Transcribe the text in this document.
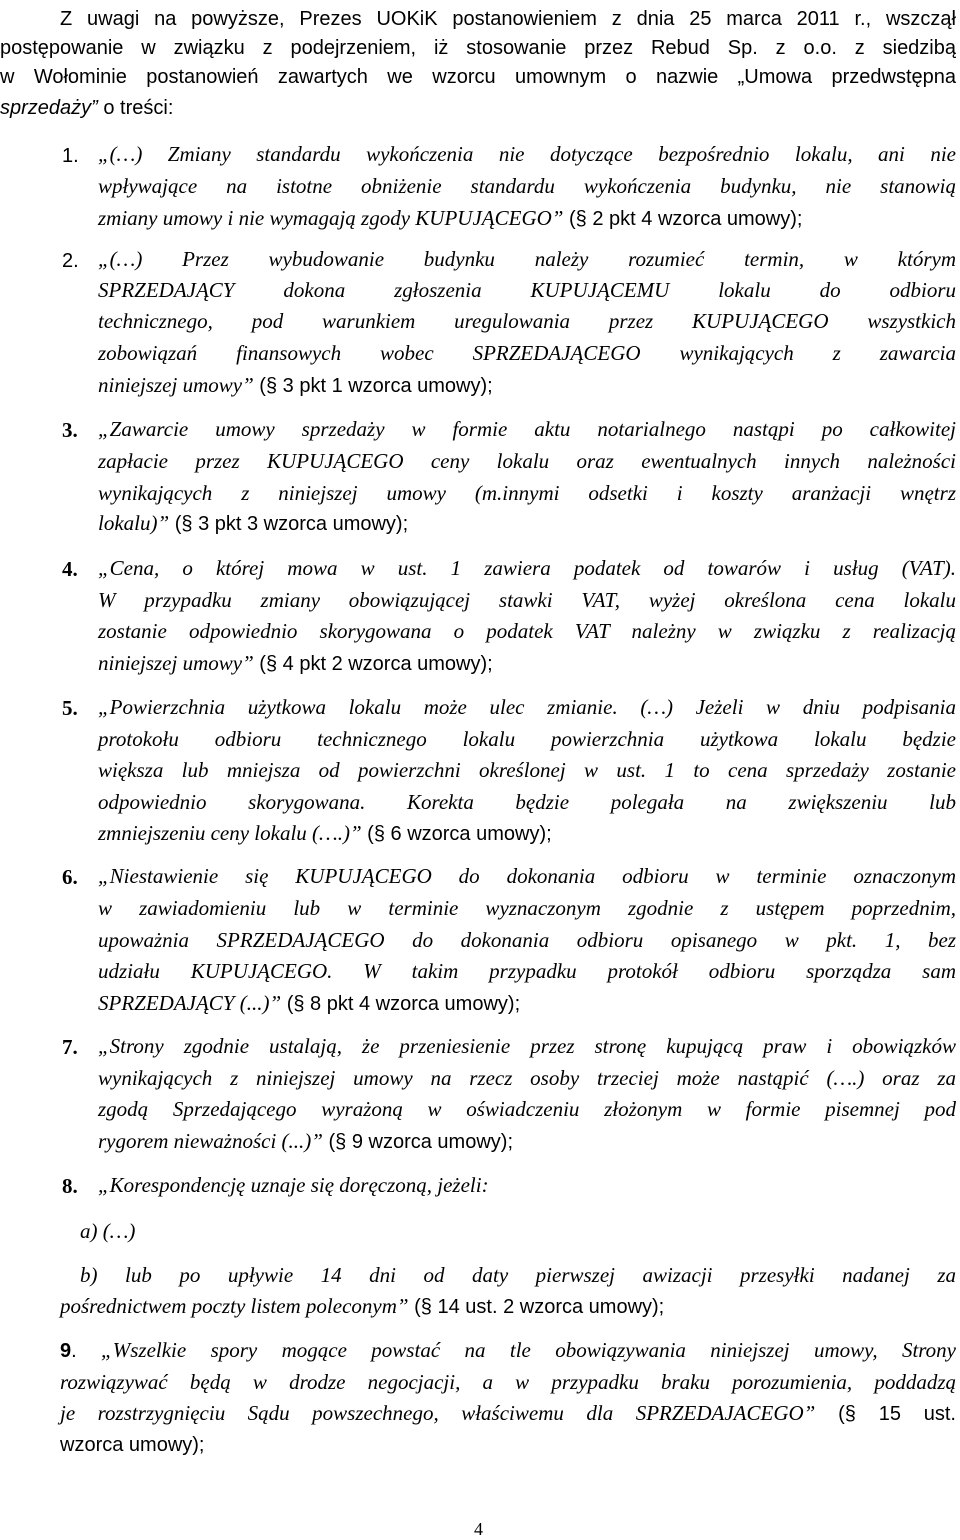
Z uwagi na powyższe, Prezes UOKiK postanowieniem z dnia 25 marca 2011 r., wszczął
postępowanie w związku z podejrzeniem, iż stosowanie przez Rebud Sp. z o.o. z siedzibą
w Wołominie postanowień zawartych we wzorcu umownym o nazwie „Umowa przedwstępna
sprzedaży” o treści:
1. „(…) Zmiany standardu wykończenia nie dotyczące bezpośrednio lokalu, ani nie
wpływające na istotne obniżenie standardu wykończenia budynku, nie stanowią
zmiany umowy i nie wymagają zgody KUPUJĄCEGO” (§ 2 pkt 4 wzorca umowy);
2. „(…) Przez wybudowanie budynku należy rozumieć termin, w którym
SPRZEDAJĄCY dokona zgłoszenia KUPUJĄCEMU lokalu do odbioru
technicznego, pod warunkiem uregulowania przez KUPUJĄCEGO wszystkich
zobowiązań finansowych wobec SPRZEDAJĄCEGO wynikających z zawarcia
niniejszej umowy” (§ 3 pkt 1 wzorca umowy);
3. „Zawarcie umowy sprzedaży w formie aktu notarialnego nastąpi po całkowitej
zapłacie przez KUPUJĄCEGO ceny lokalu oraz ewentualnych innych należności
wynikających z niniejszej umowy (m.innymi odsetki i koszty aranżacji wnętrz
lokalu)” (§ 3 pkt 3 wzorca umowy);
4. „Cena, o której mowa w ust. 1 zawiera podatek od towarów i usług (VAT).
W przypadku zmiany obowiązującej stawki VAT, wyżej określona cena lokalu
zostanie odpowiednio skorygowana o podatek VAT należny w związku z realizacją
niniejszej umowy” (§ 4 pkt 2 wzorca umowy);
5. „Powierzchnia użytkowa lokalu może ulec zmianie. (…) Jeżeli w dniu podpisania
protokołu odbioru technicznego lokalu powierzchnia użytkowa lokalu będzie
większa lub mniejsza od powierzchni określonej w ust. 1 to cena sprzedaży zostanie
odpowiednio skorygowana. Korekta będzie polegała na zwiększeniu lub
zmniejszeniu ceny lokalu (….)” (§ 6 wzorca umowy);
6. „Niestawienie się KUPUJĄCEGO do dokonania odbioru w terminie oznaczonym
w zawiadomieniu lub w terminie wyznaczonym zgodnie z ustępem poprzednim,
upoważnia SPRZEDAJĄCEGO do dokonania odbioru opisanego w pkt. 1, bez
udziału KUPUJĄCEGO. W takim przypadku protokół odbioru sporządza sam
SPRZEDAJĄCY (...)” (§ 8 pkt 4 wzorca umowy);
7. „Strony zgodnie ustalają, że przeniesienie przez stronę kupującą praw i obowiązków
wynikających z niniejszej umowy na rzecz osoby trzeciej może nastąpić (….) oraz za
zgodą Sprzedającego wyrażoną w oświadczeniu złożonym w formie pisemnej pod
rygorem nieważności (...)” (§ 9 wzorca umowy);
8. „Korespondencję uznaje się doręczoną, jeżeli:
a) (…)
b) lub po upływie 14 dni od daty pierwszej awizacji przesyłki nadanej za
pośrednictwem poczty listem poleconym” (§ 14 ust. 2 wzorca umowy);
9. „Wszelkie spory mogące powstać na tle obowiązywania niniejszej umowy, Strony
rozwiązywać będą w drodze negocjacji, a w przypadku braku porozumienia, poddadzą
je rozstrzygnięciu Sądu powszechnego, właściwemu dla SPRZEDAJACEGO” (§ 15 ust.
wzorca umowy);
4
